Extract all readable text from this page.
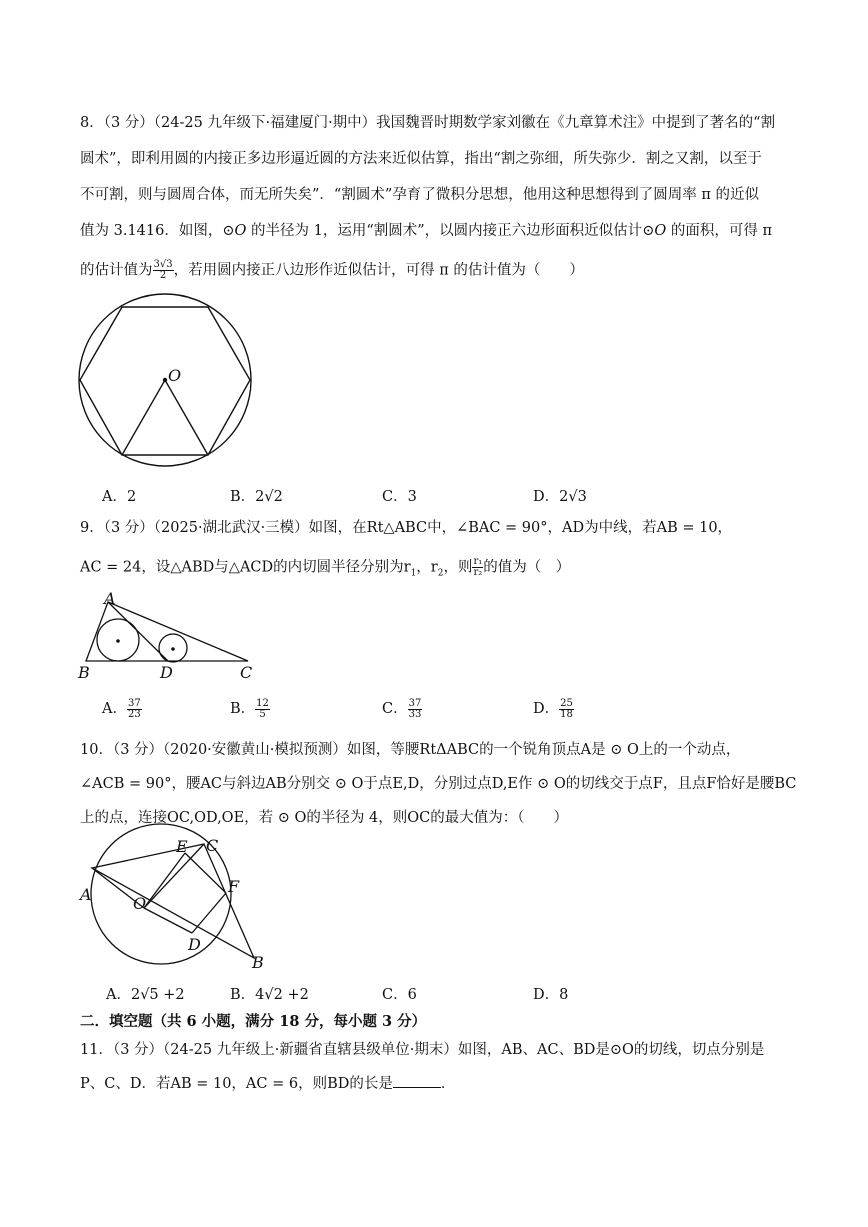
8．（3 分）（24-25 九年级下·福建厦门·期中）我国魏晋时期数学家刘徽在《九章算术注》中提到了著名的“割
圆术”，即利用圆的内接正多边形逼近圆的方法来近似估算，指出“割之弥细，所失弥少．割之又割，以至于
不可割，则与圆周合体，而无所失矣”．“割圆术”孕育了微积分思想，他用这种思想得到了圆周率 π 的近似
值为 3.1416．如图，⊙O 的半径为 1，运用“割圆术”，以圆内接正六边形面积近似估计⊙O 的面积，可得 π
的估计值为 $\frac{3√3}{2}$ ，若用圆内接正八边形作近似估计，可得 π 的估计值为（　　）
O
A．2	B．2√2	C．3	D．2√3
9．（3 分）（2025·湖北武汉·三模）如图，在Rt△ABC中，∠BAC = 90°，AD为中线，若AB = 10，
AC = 24，设△ABD与△ACD的内切圆半径分别为$r_1$，$r_2$，则 $\frac{\text{r₁}}{\text{r₂}}$ 的值为（　）
A
B	D	C
A． $\frac{37}{23}$	B． $\frac{12}{5}$	C． $\frac{37}{33}$	D． $\frac{25}{18}$
10．（3 分）（2020·安徽黄山·模拟预测）如图，等腰RtΔABC的一个锐角顶点A是 ⊙ O上的一个动点，
∠ACB = 90°，腰AC与斜边AB分别交 ⊙ O于点E,D，分别过点D,E作 ⊙ O的切线交于点F，且点F恰好是腰BC
上的点，连接OC,OD,OE，若 ⊙ O的半径为 4，则OC的最大值为：（　　）
A
E C
F
O
D
B
A．2√5 +2	B．4√2 +2	C．6	D．8
二．填空题（共 6 小题，满分 18 分，每小题 3 分）
11．（3 分）（24-25 九年级上·新疆省直辖县级单位·期末）如图，AB、AC、BD是⊙O的切线，切点分别是
P、C、D．若AB = 10，AC = 6，则BD的长是	．
